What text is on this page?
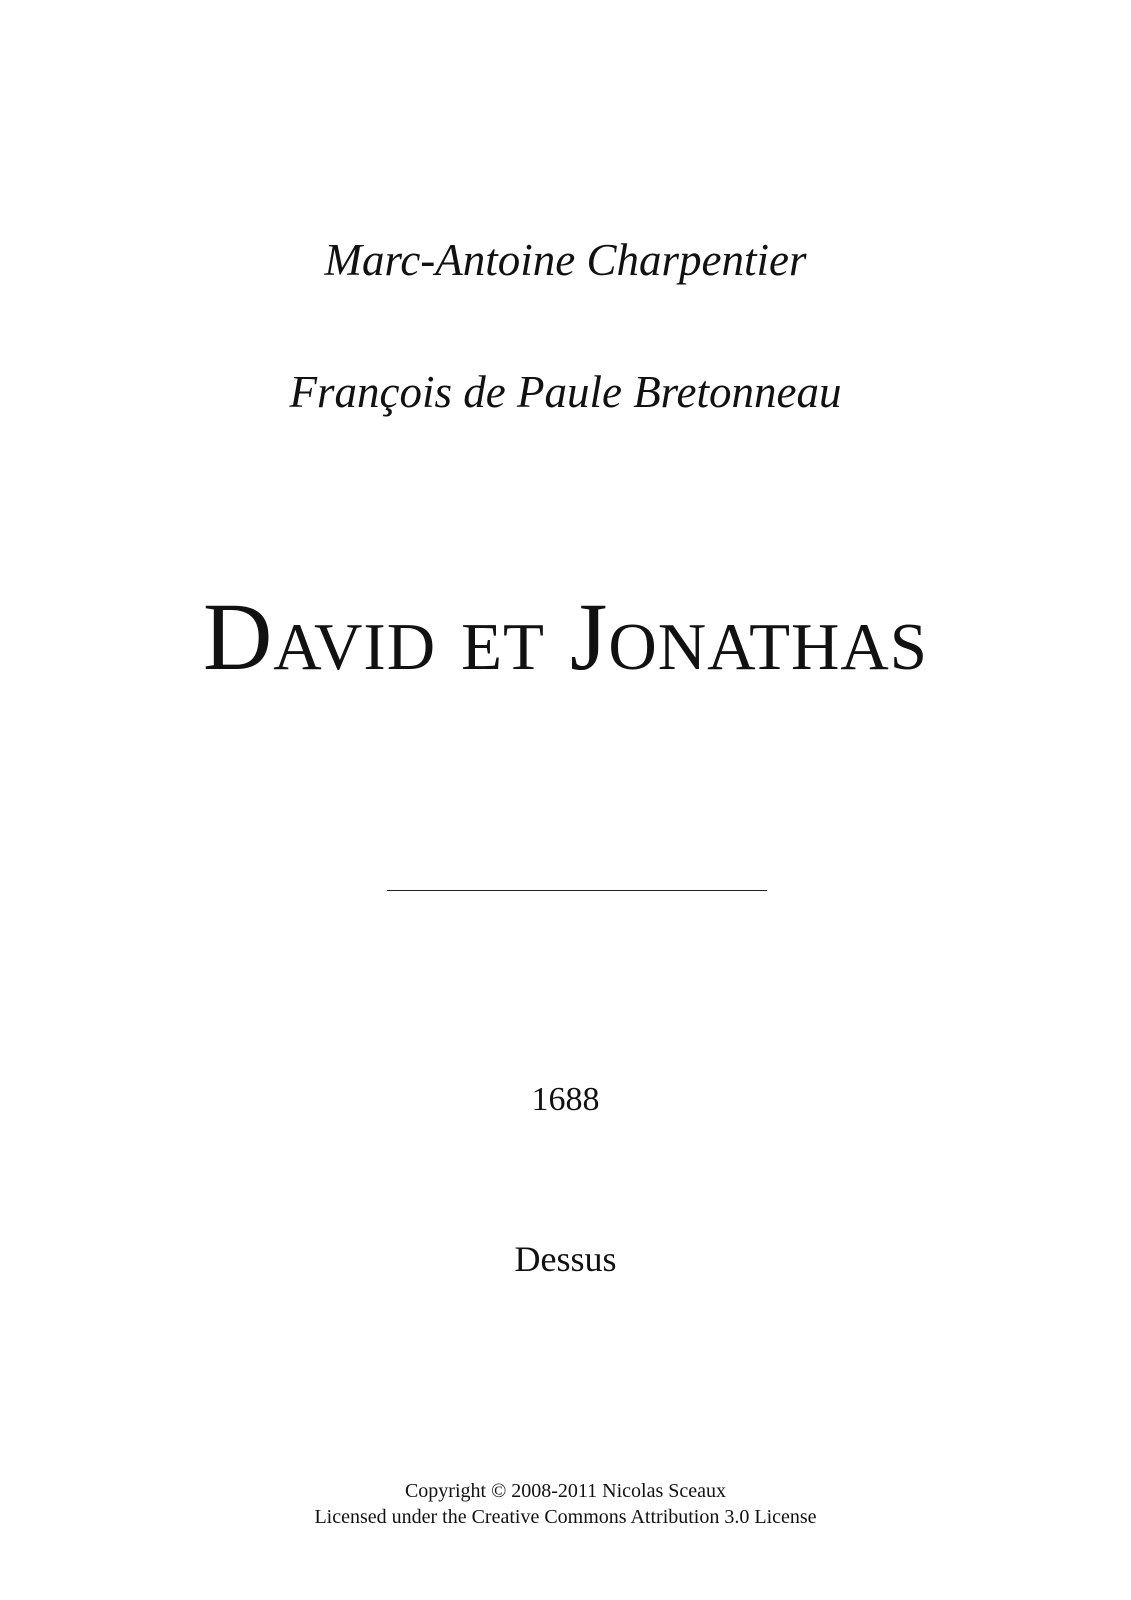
Marc-Antoine Charpentier
François de Paule Bretonneau
David et Jonathas
1688
Dessus
Copyright © 2008-2011 Nicolas Sceaux
Licensed under the Creative Commons Attribution 3.0 License
